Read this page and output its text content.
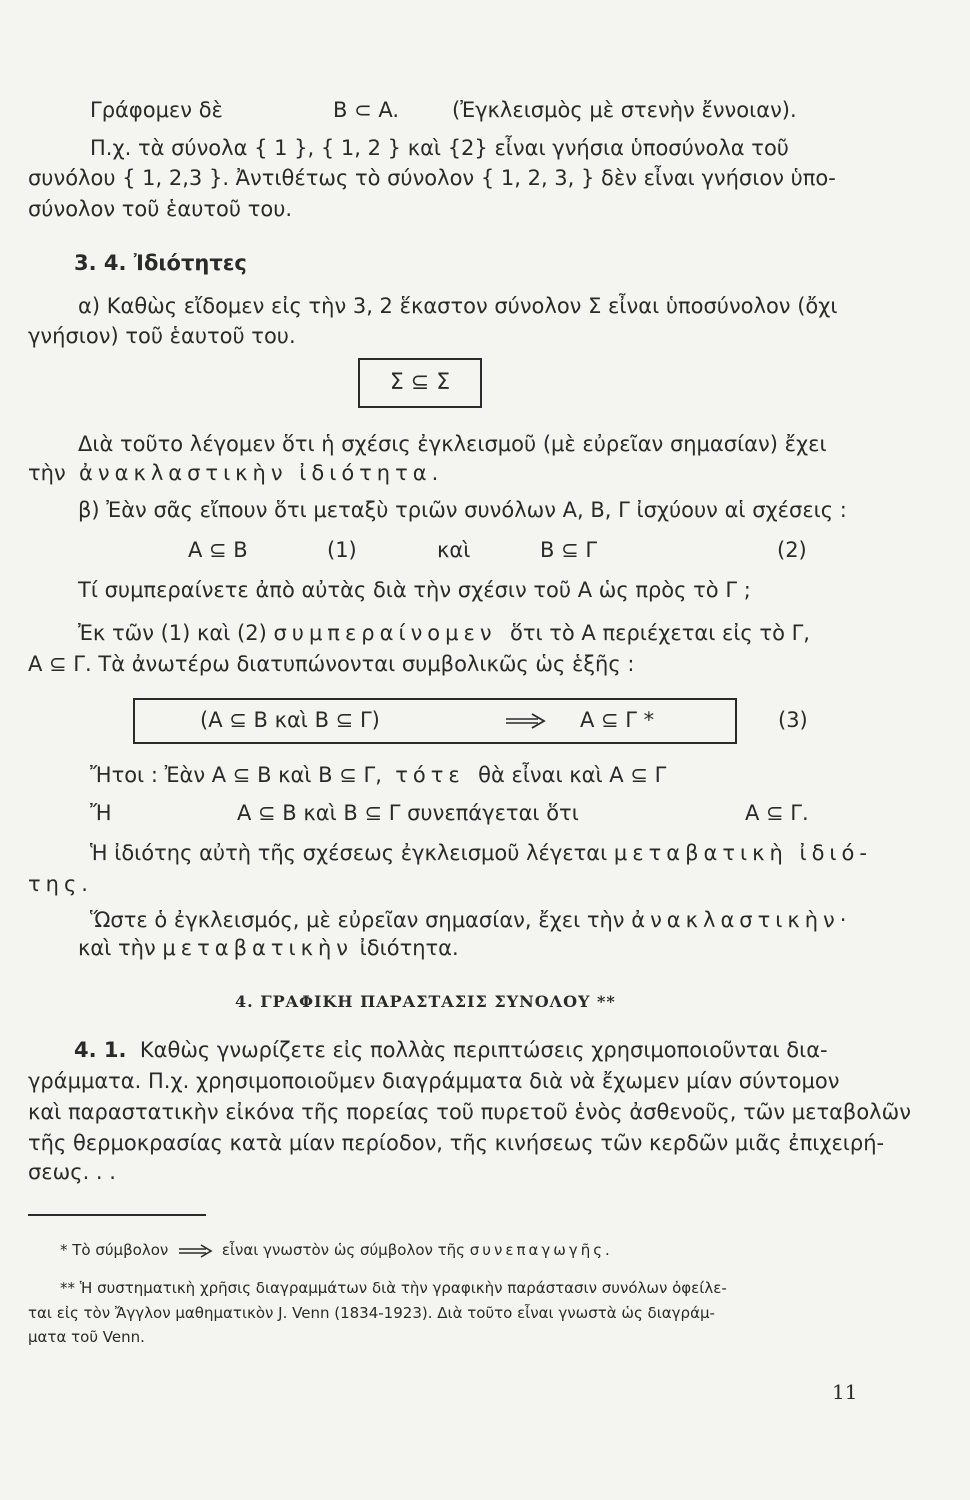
Γράφομεν δὲ	B ⊂ A.	(Ἐγκλεισμὸς μὲ στενὴν ἔννοιαν).
Π.χ. τὰ σύνολα { 1 }, { 1, 2 } καὶ {2} εἶναι γνήσια ὑποσύνολα τοῦ
συνόλου { 1, 2,3 }. Ἀντιθέτως τὸ σύνολον { 1, 2, 3, } δὲν εἶναι γνήσιον ὑπο-
σύνολον τοῦ ἑαυτοῦ του.
3. 4. Ἰδιότητες
α) Καθὼς εἴδομεν εἰς τὴν 3, 2 ἕκαστον σύνολον Σ εἶναι ὑποσύνολον (ὄχι
γνήσιον) τοῦ ἑαυτοῦ του.
Σ ⊆ Σ
Διὰ τοῦτο λέγομεν ὅτι ἡ σχέσις ἐγκλεισμοῦ (μὲ εὐρεῖαν σημασίαν) ἔχει
τὴν ἀνακλαστικὴν ἰδιότητα.
β) Ἐὰν σᾶς εἴπουν ὅτι μεταξὺ τριῶν συνόλων A, B, Γ ἰσχύουν αἱ σχέσεις :
A ⊆ B	(1)	καὶ	B ⊆ Γ	(2)
Τί συμπεραίνετε ἀπὸ αὐτὰς διὰ τὴν σχέσιν τοῦ A ὡς πρὸς τὸ Γ ;
Ἐκ τῶν (1) καὶ (2) συμπεραίνομεν ὅτι τὸ A περιέχεται εἰς τὸ Γ,
A ⊆ Γ. Τὰ ἀνωτέρω διατυπώνονται συμβολικῶς ὡς ἑξῆς :
(A ⊆ B καὶ B ⊆ Γ)	A ⊆ Γ *	(3)
Ἤτοι : Ἐὰν A ⊆ B καὶ B ⊆ Γ, τότε θὰ εἶναι καὶ A ⊆ Γ
Ἤ	A ⊆ B καὶ B ⊆ Γ συνεπάγεται ὅτι	A ⊆ Γ.
Ἡ ἰδιότης αὐτὴ τῆς σχέσεως ἐγκλεισμοῦ λέγεται μεταβατικὴ ἰδιό-
της.
Ὥστε ὁ ἐγκλεισμός, μὲ εὐρεῖαν σημασίαν, ἔχει τὴν ἀνακλαστικὴν·
καὶ τὴν μεταβατικὴν ἰδιότητα.
4. ΓΡΑΦΙΚΗ ΠΑΡΑΣΤΑΣΙΣ ΣΥΝΟΛΟΥ **
4. 1. Καθὼς γνωρίζετε εἰς πολλὰς περιπτώσεις χρησιμοποιοῦνται δια-
γράμματα. Π.χ. χρησιμοποιοῦμεν διαγράμματα διὰ νὰ ἔχωμεν μίαν σύντομον
καὶ παραστατικὴν εἰκόνα τῆς πορείας τοῦ πυρετοῦ ἑνὸς ἀσθενοῦς, τῶν μεταβολῶν
τῆς θερμοκρασίας κατὰ μίαν περίοδον, τῆς κινήσεως τῶν κερδῶν μιᾶς ἐπιχειρή-
σεως. . .
* Τὸ σύμβολον	εἶναι γνωστὸν ὡς σύμβολον τῆς συνεπαγωγῆς.
** Ἡ συστηματικὴ χρῆσις διαγραμμάτων διὰ τὴν γραφικὴν παράστασιν συνόλων ὀφείλε-
ται εἰς τὸν Ἄγγλον μαθηματικὸν J. Venn (1834-1923). Διὰ τοῦτο εἶναι γνωστὰ ὡς διαγράμ-
ματα τοῦ Venn.
11
